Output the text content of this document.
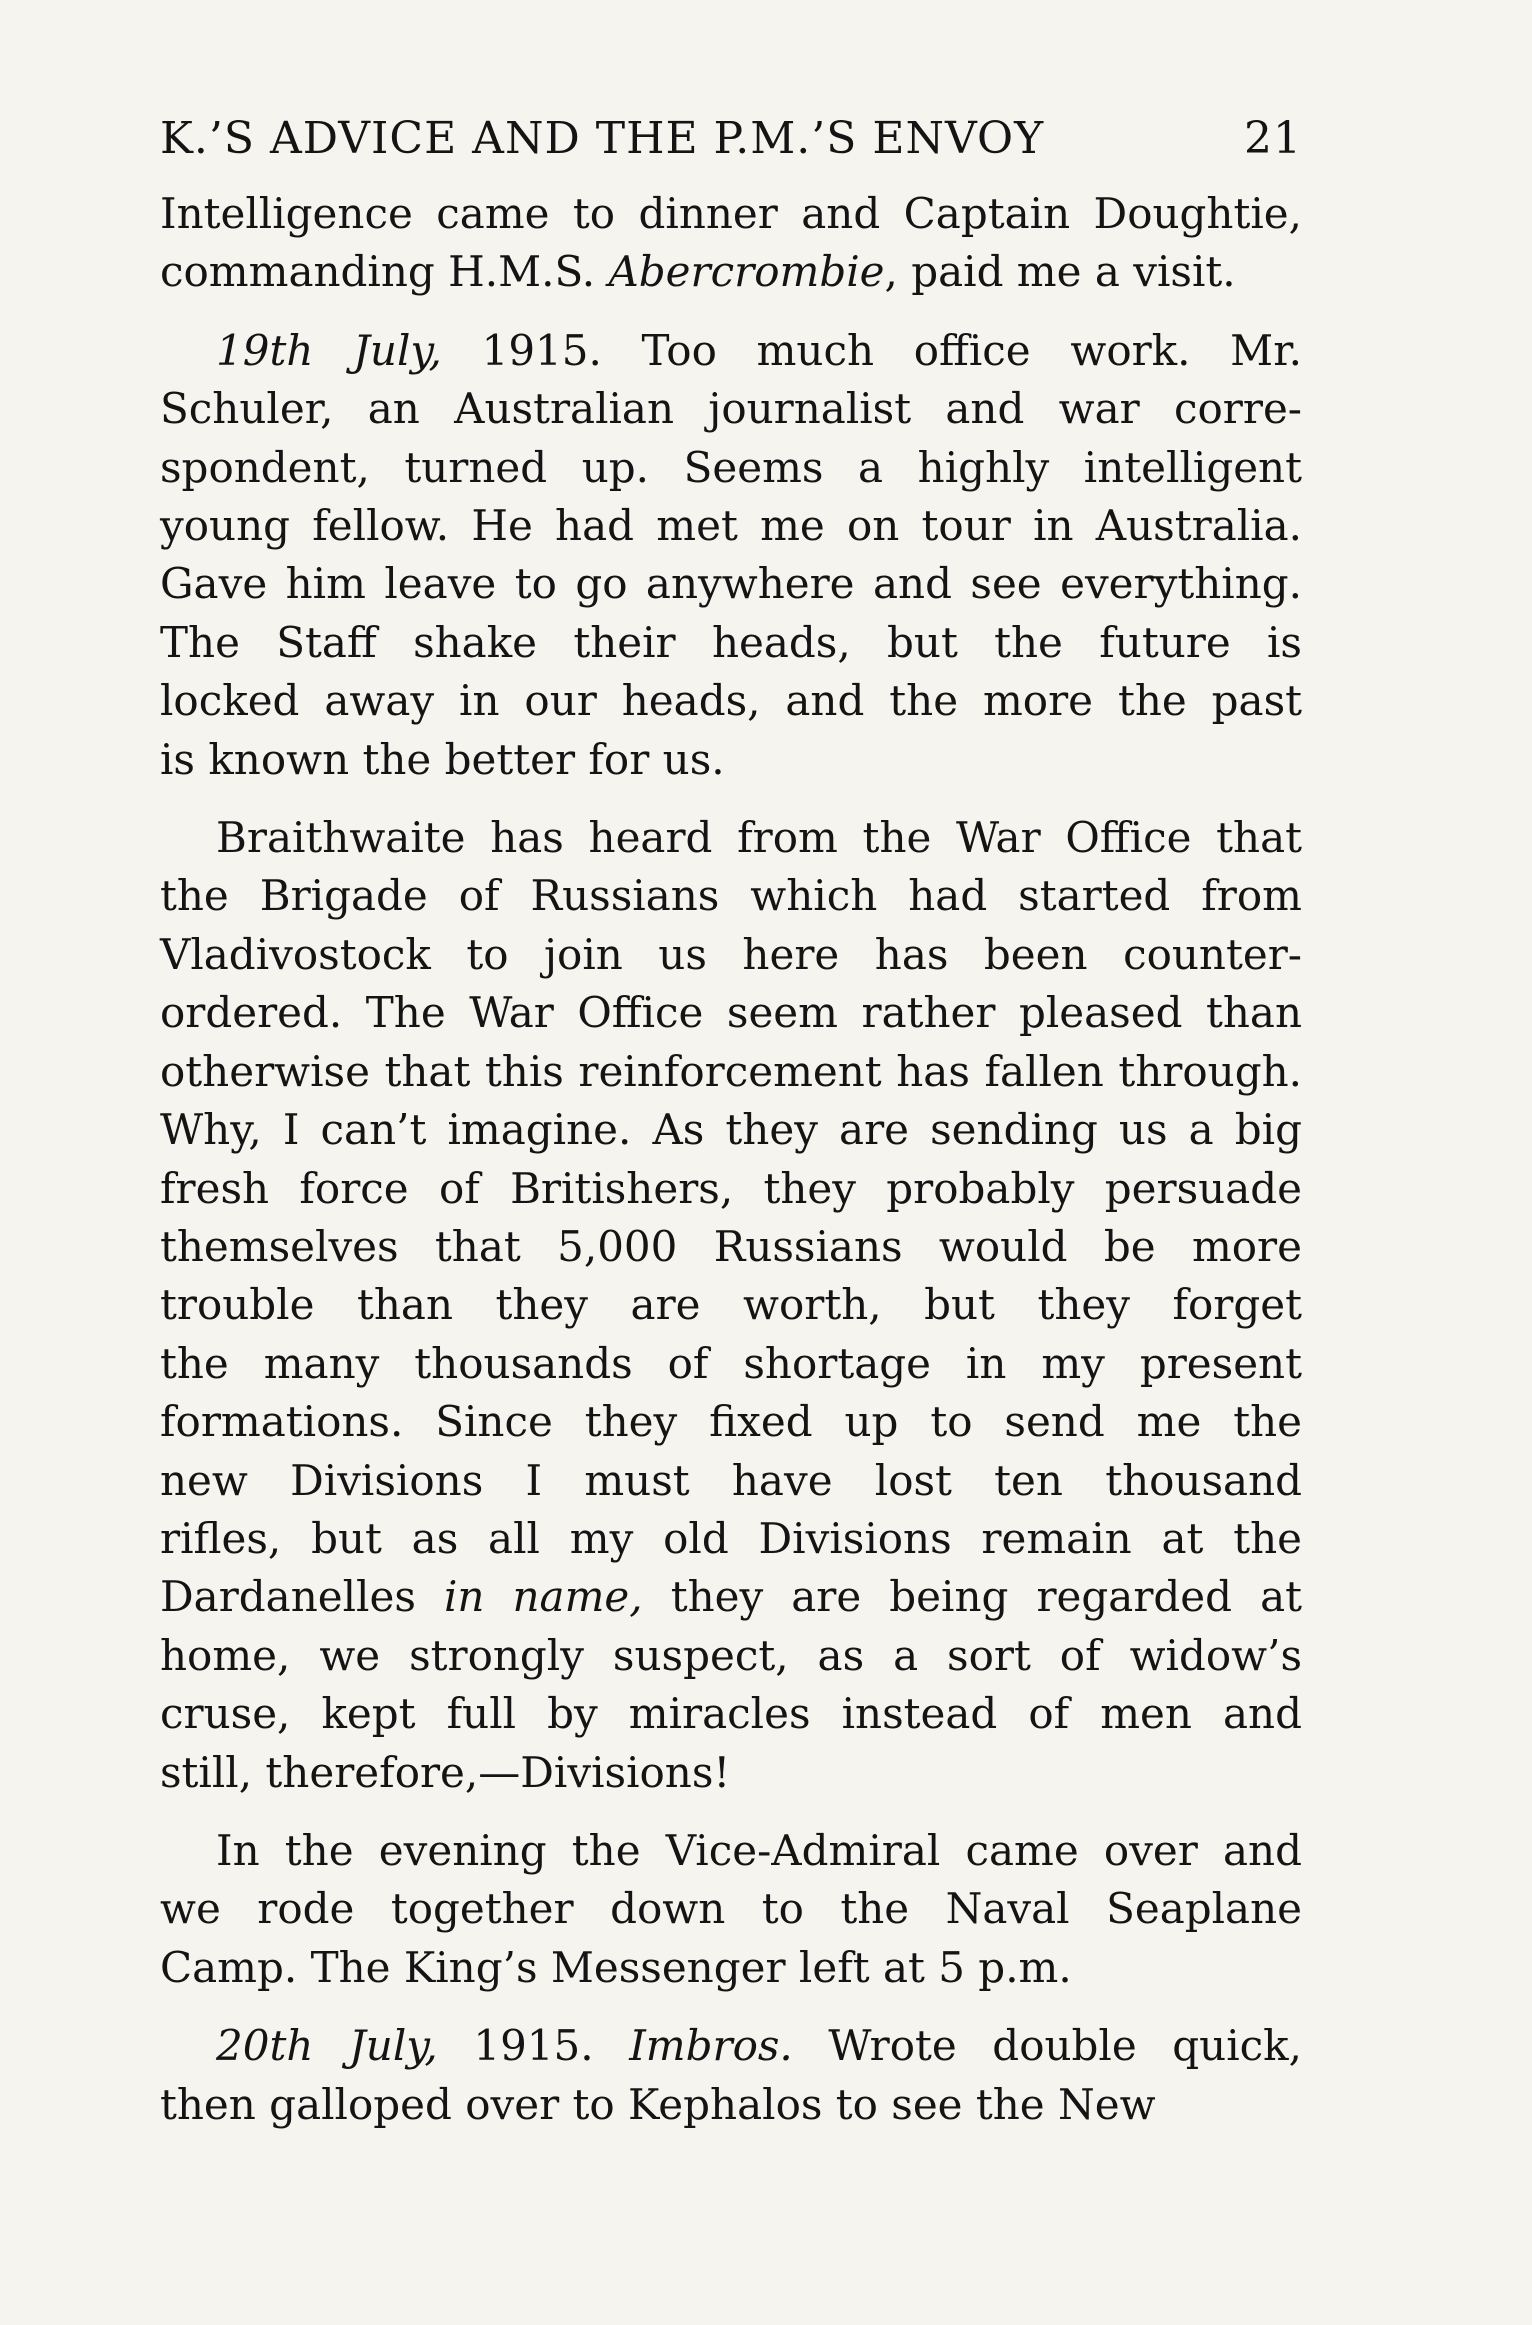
K.’S ADVICE AND THE P.M.’S ENVOY	21

Intelligence came to dinner and Captain Doughtie,
commanding H.M.S. Abercrombie, paid me a visit.

19th July, 1915. Too much office work. Mr.
Schuler, an Australian journalist and war corre-
spondent, turned up. Seems a highly intelligent
young fellow. He had met me on tour in Australia.
Gave him leave to go anywhere and see everything.
The Staff shake their heads, but the future is
locked away in our heads, and the more the past
is known the better for us.

Braithwaite has heard from the War Office that
the Brigade of Russians which had started from
Vladivostock to join us here has been counter-
ordered. The War Office seem rather pleased than
otherwise that this reinforcement has fallen through.
Why, I can’t imagine. As they are sending us a big
fresh force of Britishers, they probably persuade
themselves that 5,000 Russians would be more
trouble than they are worth, but they forget
the many thousands of shortage in my present
formations. Since they fixed up to send me the
new Divisions I must have lost ten thousand
rifles, but as all my old Divisions remain at the
Dardanelles in name, they are being regarded at
home, we strongly suspect, as a sort of widow’s
cruse, kept full by miracles instead of men and
still, therefore,—Divisions!

In the evening the Vice-Admiral came over and
we rode together down to the Naval Seaplane
Camp. The King’s Messenger left at 5 p.m.

20th July, 1915. Imbros. Wrote double quick,
then galloped over to Kephalos to see the New
